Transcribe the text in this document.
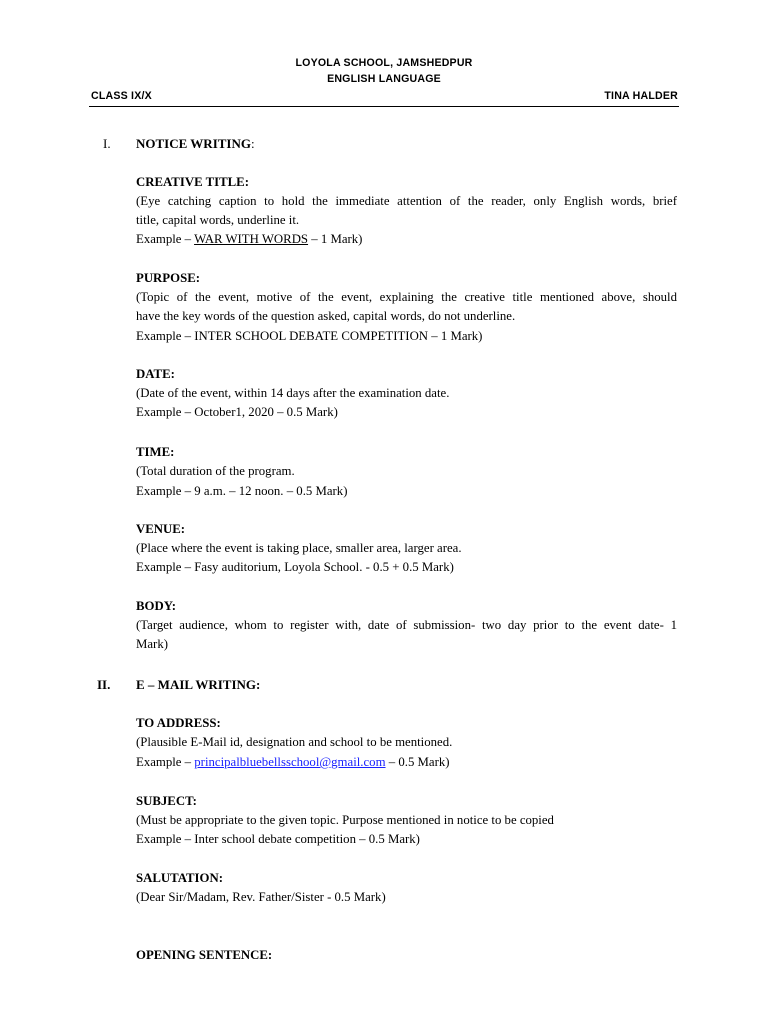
LOYOLA SCHOOL, JAMSHEDPUR
ENGLISH LANGUAGE
CLASS IX/X	TINA HALDER
I. NOTICE WRITING:
CREATIVE TITLE:
(Eye catching caption to hold the immediate attention of the reader, only English words, brief
title, capital words, underline it.
Example – WAR WITH WORDS – 1 Mark)
PURPOSE:
(Topic of the event, motive of the event, explaining the creative title mentioned above, should
have the key words of the question asked, capital words, do not underline.
Example – INTER SCHOOL DEBATE COMPETITION – 1 Mark)
DATE:
(Date of the event, within 14 days after the examination date.
Example – October1, 2020 – 0.5 Mark)
TIME:
(Total duration of the program.
Example – 9 a.m. – 12 noon. – 0.5 Mark)
VENUE:
(Place where the event is taking place, smaller area, larger area.
Example – Fasy auditorium, Loyola School. - 0.5 + 0.5 Mark)
BODY:
(Target audience, whom to register with, date of submission- two day prior to the event date- 1
Mark)
II. E – MAIL WRITING:
TO ADDRESS:
(Plausible E-Mail id, designation and school to be mentioned.
Example – principalbluebellsschool@gmail.com – 0.5 Mark)
SUBJECT:
(Must be appropriate to the given topic. Purpose mentioned in notice to be copied
Example – Inter school debate competition – 0.5 Mark)
SALUTATION:
(Dear Sir/Madam, Rev. Father/Sister - 0.5 Mark)
OPENING SENTENCE:
